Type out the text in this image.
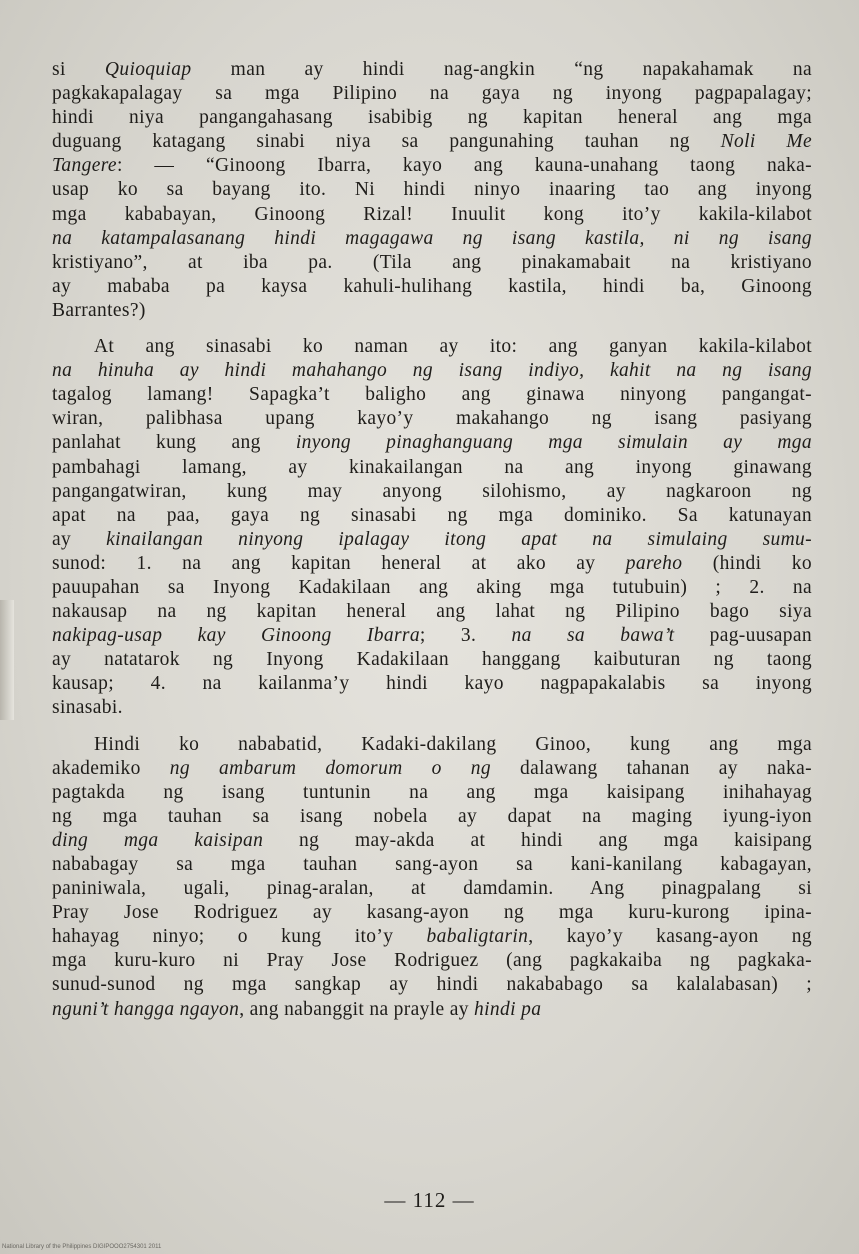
si Quioquiap man ay hindi nag-angkin “ng napakahamak na
pagkakapalagay sa mga Pilipino na gaya ng inyong pagpapalagay;
hindi niya pangangahasang isabibig ng kapitan heneral ang mga
duguang katagang sinabi niya sa pangunahing tauhan ng Noli Me
Tangere: — “Ginoong Ibarra, kayo ang kauna-unahang taong naka-
usap ko sa bayang ito. Ni hindi ninyo inaaring tao ang inyong
mga kababayan, Ginoong Rizal! Inuulit kong ito’y kakila-kilabot
na katampalasanang hindi magagawa ng isang kastila, ni ng isang
kristiyano”, at iba pa. (Tila ang pinakamabait na kristiyano
ay mababa pa kaysa kahuli-hulihang kastila, hindi ba, Ginoong
Barrantes?)
At ang sinasabi ko naman ay ito: ang ganyan kakila-kilabot
na hinuha ay hindi mahahango ng isang indiyo, kahit na ng isang
tagalog lamang! Sapagka’t baligho ang ginawa ninyong pangangat-
wiran, palibhasa upang kayo’y makahango ng isang pasiyang
panlahat kung ang inyong pinaghanguang mga simulain ay mga
pambahagi lamang, ay kinakailangan na ang inyong ginawang
pangangatwiran, kung may anyong silohismo, ay nagkaroon ng
apat na paa, gaya ng sinasabi ng mga dominiko. Sa katunayan
ay kinailangan ninyong ipalagay itong apat na simulaing sumu-
sunod: 1. na ang kapitan heneral at ako ay pareho (hindi ko
pauupahan sa Inyong Kadakilaan ang aking mga tutubuin) ; 2. na
nakausap na ng kapitan heneral ang lahat ng Pilipino bago siya
nakipag-usap kay Ginoong Ibarra; 3. na sa bawa’t pag-uusapan
ay natatarok ng Inyong Kadakilaan hanggang kaibuturan ng taong
kausap; 4. na kailanma’y hindi kayo nagpapakalabis sa inyong
sinasabi.
Hindi ko nababatid, Kadaki-dakilang Ginoo, kung ang mga
akademiko ng ambarum domorum o ng dalawang tahanan ay naka-
pagtakda ng isang tuntunin na ang mga kaisipang inihahayag
ng mga tauhan sa isang nobela ay dapat na maging iyung-iyon
ding mga kaisipan ng may-akda at hindi ang mga kaisipang
nababagay sa mga tauhan sang-ayon sa kani-kanilang kabagayan,
paniniwala, ugali, pinag-aralan, at damdamin. Ang pinagpalang si
Pray Jose Rodriguez ay kasang-ayon ng mga kuru-kurong ipina-
hahayag ninyo; o kung ito’y babaligtarin, kayo’y kasang-ayon ng
mga kuru-kuro ni Pray Jose Rodriguez (ang pagkakaiba ng pagkaka-
sunud-sunod ng mga sangkap ay hindi nakababago sa kalalabasan) ;
nguni’t hangga ngayon, ang nabanggit na prayle ay hindi pa
— 112 —
National Library of the Philippines DIGIPOOO2754301 2011
